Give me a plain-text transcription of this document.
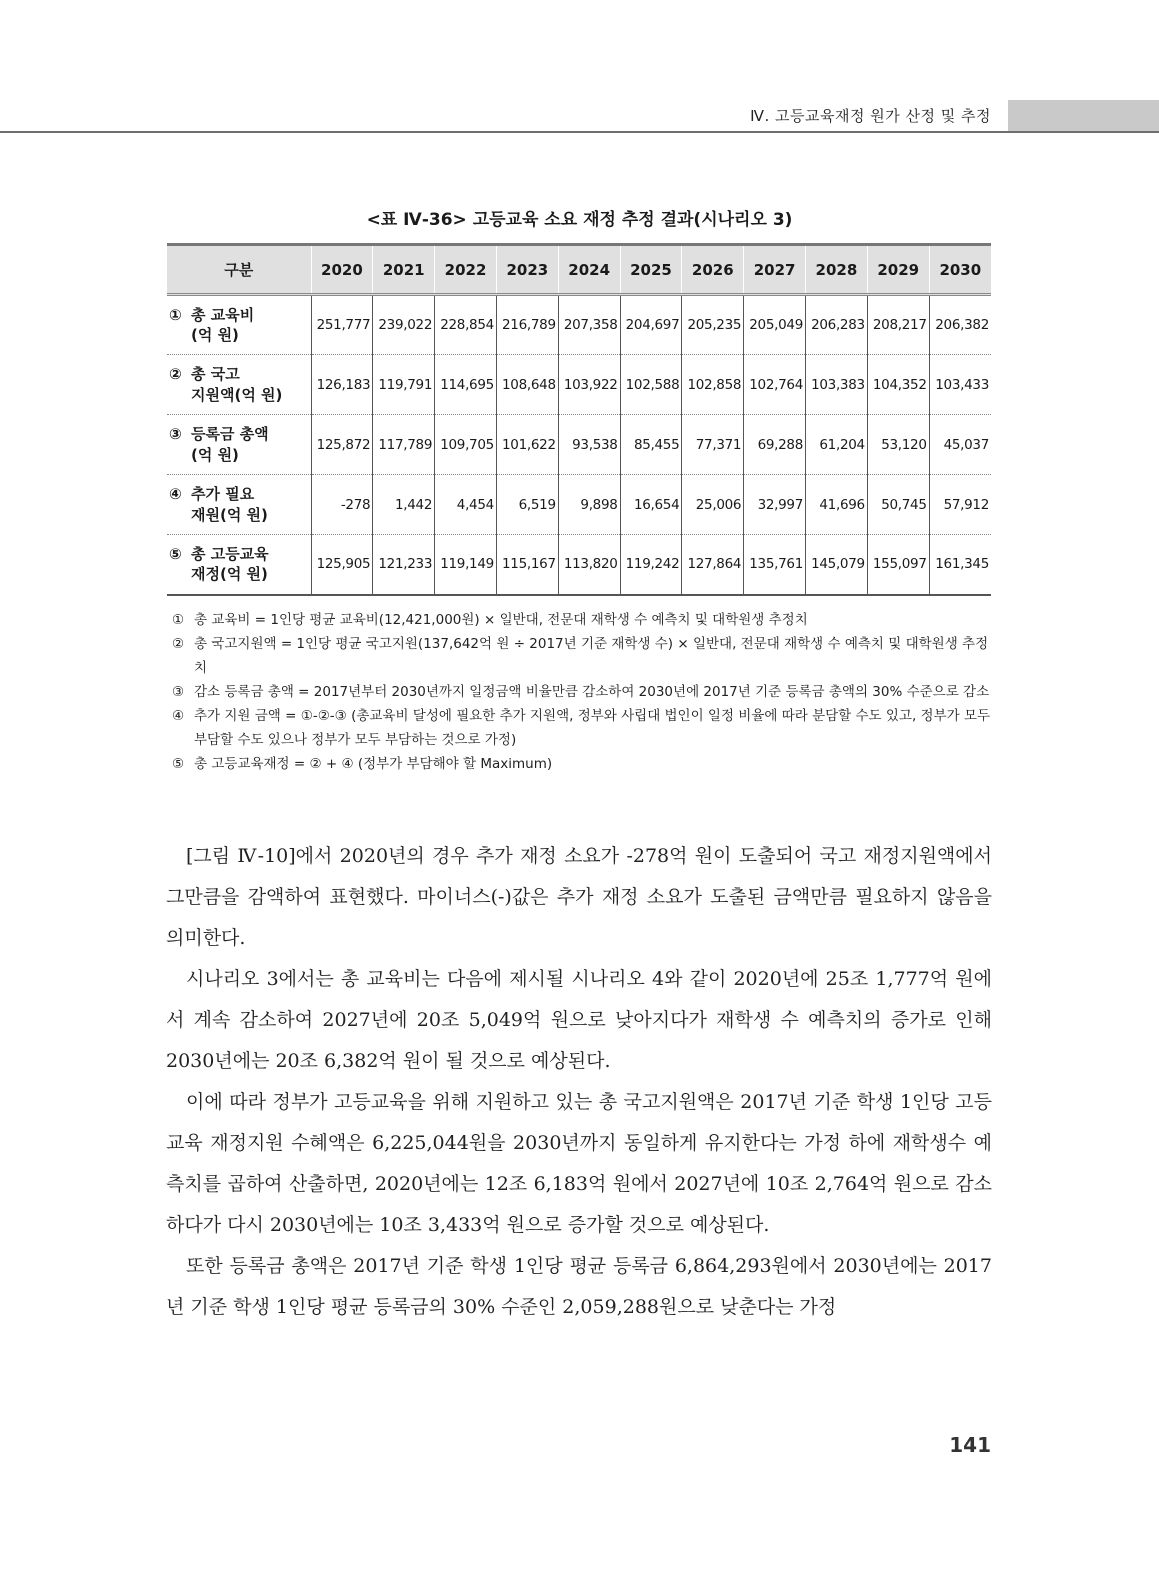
Ⅳ. 고등교육재정 원가 산정 및 추정
<표 Ⅳ-36> 고등교육 소요 재정 추정 결과(시나리오 3)
구분	2020	2021	2022	2023	2024	2025	2026	2027	2028	2029	2030
① 총 교육비
(억 원)	251,777	239,022	228,854	216,789	207,358	204,697	205,235	205,049	206,283	208,217	206,382
② 총 국고
지원액(억 원)	126,183	119,791	114,695	108,648	103,922	102,588	102,858	102,764	103,383	104,352	103,433
③ 등록금 총액
(억 원)	125,872	117,789	109,705	101,622	93,538	85,455	77,371	69,288	61,204	53,120	45,037
④ 추가 필요
재원(억 원)	-278	1,442	4,454	6,519	9,898	16,654	25,006	32,997	41,696	50,745	57,912
⑤ 총 고등교육
재정(억 원)	125,905	121,233	119,149	115,167	113,820	119,242	127,864	135,761	145,079	155,097	161,345
① 총 교육비 = 1인당 평균 교육비(12,421,000원) × 일반대, 전문대 재학생 수 예측치 및 대학원생 추정치
② 총 국고지원액 = 1인당 평균 국고지원(137,642억 원 ÷ 2017년 기준 재학생 수) × 일반대, 전문대 재학생 수 예측치 및 대학원생 추정치
③ 감소 등록금 총액 = 2017년부터 2030년까지 일정금액 비율만큼 감소하여 2030년에 2017년 기준 등록금 총액의 30% 수준으로 감소
④ 추가 지원 금액 = ①-②-③ (총교육비 달성에 필요한 추가 지원액, 정부와 사립대 법인이 일정 비율에 따라 분담할 수도 있고, 정부가 모두 부담할 수도 있으나 정부가 모두 부담하는 것으로 가정)
⑤ 총 고등교육재정 = ② + ④ (정부가 부담해야 할 Maximum)

[그림 Ⅳ-10]에서 2020년의 경우 추가 재정 소요가 -278억 원이 도출되어 국고 재정지원액에서 그만큼을 감액하여 표현했다. 마이너스(-)값은 추가 재정 소요가 도출된 금액만큼 필요하지 않음을 의미한다.

시나리오 3에서는 총 교육비는 다음에 제시될 시나리오 4와 같이 2020년에 25조 1,777억 원에서 계속 감소하여 2027년에 20조 5,049억 원으로 낮아지다가 재학생 수 예측치의 증가로 인해 2030년에는 20조 6,382억 원이 될 것으로 예상된다.

이에 따라 정부가 고등교육을 위해 지원하고 있는 총 국고지원액은 2017년 기준 학생 1인당 고등교육 재정지원 수혜액은 6,225,044원을 2030년까지 동일하게 유지한다는 가정 하에 재학생수 예측치를 곱하여 산출하면, 2020년에는 12조 6,183억 원에서 2027년에 10조 2,764억 원으로 감소하다가 다시 2030년에는 10조 3,433억 원으로 증가할 것으로 예상된다.

또한 등록금 총액은 2017년 기준 학생 1인당 평균 등록금 6,864,293원에서 2030년에는 2017년 기준 학생 1인당 평균 등록금의 30% 수준인 2,059,288원으로 낮춘다는 가정

141
